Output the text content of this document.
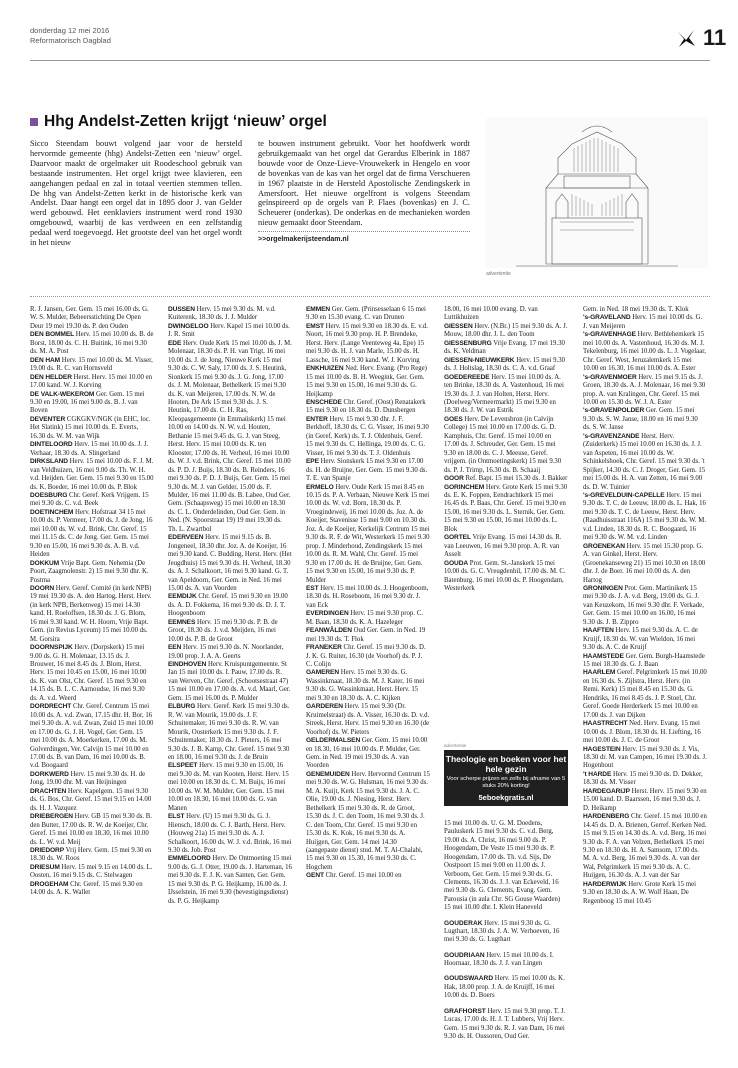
donderdag 12 mei 2016
Reformatorisch Dagblad	11
Hhg Andelst-Zetten krijgt ‘nieuw’ orgel
Sicco Steendam bouwt volgend jaar voor de hersteld hervormde gemeente (hhg) Andelst-Zetten een ‘nieuw’ orgel. Daarvoor maakt de orgelmaker uit Roodeschool gebruik van bestaande instrumenten. Het orgel krijgt twee klavieren, een aangehangen pedaal en zal in totaal veertien stemmen tellen. De hhg van Andelst-Zetten kerkt in de historische kerk van Andelst. Daar hangt een orgel dat in 1895 door J. van Gelder werd gebouwd. Het eenklaviers instrument werd rond 1930 omgebouwd, waarbij de kas verdween en een zelfstandig pedaal werd toegevoegd. Het grootste deel van het orgel wordt in het nieuw
te bouwen instrument gebruikt. Voor het hoofdwerk wordt gebruikgemaakt van het orgel dat Gerardus Elberink in 1887 bouwde voor de Onze-Lieve-Vrouwekerk in Hengelo en voor de bovenkas van de kas van het orgel dat de firma Verschueren in 1967 plaatste in de Hersteld Apostolische Zendingskerk in Amersfoort. Het nieuwe orgelfront is volgens Steendam geïnspireerd op de orgels van P. Flaes (bovenkas) en J. C. Scheuerer (onderkas). De onderkas en de mechanieken worden nieuw gemaakt door Steendam.
>>orgelmakerijsteendam.nl
advertentie

R. J. Jansen, Ger. Gem. 15 mei 16.00 ds. G. W. S. Mulder, Beheersstichting De Open Deur 19 mei 19.30 ds. P. den Ouden

DEN BOMMEL Herv. 15 mei 10.00 ds. B. de Borst, 18.00 ds. C. H. Buitink, 16 mei 9.30 ds. M. A. Post

DEN HAM Herv. 15 mei 10.00 ds. M. Visser, 19.00 ds. R. C. van Hornsveld

DEN HELDER Herst. Herv. 15 mei 10.00 en 17.00 kand. W. J. Korving

DE VALK-WEKEROM Ger. Gem. 15 mei 9.30 en 19.00, 16 mei 9.00 ds. B. J. van Boven

DEVENTER CGKGKV/NGK (in EHC, loc. Het Slatink) 15 mei 10.00 ds. E. Everts, 16.30 ds. W. M. van Wijk

DINTELOORD Herv. 15 mei 10.00 ds. J. J. Verhaar, 18.30 ds. A. Slingerland

DIRKSLAND Herv. 15 mei 10.00 ds. F. J. M. van Veldhuizen, 16 mei 9.00 ds. Th. W. H. v.d. Heijden. Ger. Gem. 15 mei 9.30 en 15.00 ds. K. Boeder, 16 mei 10.00 ds. P. Blok

DOESBURG Chr. Geref. Kerk Vrijgem. 15 mei 9.30 ds. C. v.d. Beek

DOETINCHEM Herv. Hofstraat 34 15 mei 10.00 ds. P. Vermeer, 17.00 ds. J. de Jong, 16 mei 10.00 ds. W. v.d. Brink, Chr. Geref. 15 mei 11.15 ds. C. de Jong. Ger. Gem. 15 mei 9.30 en 15.00, 16 mei 9.30 ds. A. B. v.d. Heiden

DOKKUM Vrije Bapt. Gem. Nehemia (De Poort, Zaagmolenstr. 2) 15 mei 9.30 dhr. K. Postma

DOORN Herv. Geref. Comité (in kerk NPB) 19 mei 19.30 ds. A. den Hartog, Herst. Herv. (in kerk NPB, Berkenweg) 15 mei 14.30 kand. H. Roeloffsen, 18.30 ds. J. G. Blom, 16 mei 9.30 kand. W. H. Hoorn, Vrije Bapt. Gem. (in Revius Lyceum) 15 mei 10.00 ds. M. Gorsira

DOORNSPIJK Herv. (Dorpskerk) 15 mei 9.00 ds. G. H. Molenaar, 13.15 ds. J. Brouwer, 16 mei 8.45 ds. J. Blom, Herst. Herv. 15 mei 10.45 en 15.00, 16 mei 10.00 ds. K. van Olst, Chr. Geref. 15 mei 9.30 en 14.15 ds. B. L. C. Aarnoudse, 16 mei 9.30 ds. A. v.d. Weerd

DORDRECHT Chr. Geref. Centrum 15 mei 10.00 ds. A. v.d. Zwan, 17.15 dhr. H. Bor, 16 mei 9.30 ds. A. v.d. Zwan, Zuid 15 mei 10.00 en 17.00 ds. G. J. H. Vogel, Ger. Gem. 15 mei 10.00 ds. A. Moerkerken, 17.00 ds. M. Golverdingen, Ver. Calvijn 15 mei 10.00 en 17.00 ds. B. van Dam, 16 mei 10.00 ds. B. v.d. Boogaard

DORKWERD Herv. 15 mei 9.30 ds. H. de Jong, 19.00 dhr. M. van Heijningen

DRACHTEN Herv. Kapelgem. 15 mei 9.30 ds. G. Bos, Chr. Geref. 15 mei 9.15 en 14.00 ds. H. J. Vazquez

DRIEBERGEN Herv. GB 15 mei 9.30 ds. B. den Butter, 17.00 ds. R. W. de Koeijer, Chr. Geref. 15 mei 10.00 en 18.30, 16 mei 10.00 ds. L. W. v.d. Meij

DRIEDORP Vrij Herv. Gem. 15 mei 9.30 en 18.30 ds. W. Roos

DRIESUM Herv. 15 mei 9.15 en 14.00 ds. L. Oosten, 16 mei 9.15 ds. C. Stelwagen

DROGEHAM Chr. Geref. 15 mei 9.30 en 14.00 ds. A. K. Wallet

DUSSEN Herv. 15 mei 9.30 ds. M. v.d. Kuiterenk, 18.30 ds. J. J. Mulder

DWINGELOO Herv. Kapel 15 mei 10.00 ds. J. R. Smit

EDE Herv. Oude Kerk 15 mei 10.00 ds. J. M. Molenaar, 18.30 ds. P. H. van Trigt, 16 mei 10.00 ds. J. de Jong, Nieuwe Kerk 15 mei 9.30 ds. C. W. Saly, 17.00 ds. J. S. Heutink, Sionkerk 15 mei 9.30 ds. J. G. Jong, 17.00 ds. J. M. Molenaar, Bethelkerk 15 mei 9.30 ds. K. van Meijeren, 17.00 ds. N. W. de Hooten, De Ark 15 mei 9.30 ds. J. S. Heutink, 17.00 ds. C. H. Ras, Kleopasgemeente (in Emmaüskerk) 15 mei 10.00 en 14.00 ds. N. W. v.d. Houten, Bethanie 15 mei 9.45 ds. G. J. van Steeg, Herst. Herv. 15 mei 10.00 ds. K. ten Klooster, 17.00 ds. H. Verheul, 16 mei 10.00 ds. W. J. v.d. Brink, Chr. Geref. 15 mei 10.00 ds. P. D. J. Buijs, 18.30 ds. B. Reinders, 16 mei 9.30 ds. P. D. J. Buijs, Ger. Gem. 15 mei 9.30 ds. M. J. van Gelder, 15.00 ds. F. Mulder, 16 mei 11.00 ds. B. Labee, Oud Ger. Gem. (Schaapsweg) 15 mei 10.00 en 18.30 ds. C. L. Onderdelinden, Oud Ger. Gem. in Ned. (N. Spoorstraat 19) 19 mei 19.30 ds. Th. L. Zwartbol

EDERVEEN Herv. 15 mei 9.15 ds. B. Jongeneel, 18.30 dhr. Joz. A. de Koeijer, 16 mei 9.30 kand. C. Budding, Herst. Herv. (Het Jeugdhuis) 15 mei 9.30 ds. H. Verheul, 18.30 ds. A. J. Schalkoort, 16 mei 9.30 kand. G. T. van Apeldoorn, Ger. Gem. in Ned. 16 mei 15.00 ds. A. van Voorden

EEMDIJK Chr. Geref. 15 mei 9.30 en 19.00 ds. A. D. Fokkema, 16 mei 9.30 ds. D. J. T. Hoogenboom

EEMNES Herv. 15 mei 9.30 ds. P. B. de Groot, 18.30 ds. J. v.d. Meijden, 16 mei 10.00 ds. P. B. de Groot

EEN Herv. 15 mei 9.30 ds. N. Noorlander, 19.00 prop. J. A. A. Geerts

EINDHOVEN Herv. Kruispuntgemeente. St Jan 15 mei 10.00 ds. I. Pauw, 17.00 ds. R. van Werven, Chr. Geref. (Schootsestraat 47) 15 mei 10.00 en 17.00 ds. A. v.d. Maarl, Ger. Gem. 15 mei 16.00 ds. P. Mulder

ELBURG Herv. Geref. Kerk 15 mei 9.30 ds. R. W. van Mourik, 19.00 ds. J. F. Schuitemaker, 16 mei 9.30 ds. R. W. van Mourik, Oosterkerk 15 mei 9.30 ds. J. F. Schuitemaker, 18.30 ds. J. Pieters, 16 mei 9.30 ds. J. B. Kamp, Chr. Geref. 15 mei 9.30 en 18.00, 16 mei 9.30 ds. J. de Bruin

ELSPEET Herv. 15 mei 9.30 en 15.00, 16 mei 9.30 ds. M. van Kooten, Herst. Herv. 15 mei 10.00 en 18.30 ds. C. M. Buijs, 16 mei 10.00 ds. W. M. Mulder, Ger. Gem. 15 mei 10.00 en 18.30, 16 mei 10.00 ds. G. van Manen

ELST Herv. (U) 15 mei 9.30 ds. G. J. Hiensch, 18.00 ds. C. J. Barth, Herst. Herv. (Houweg 21a) 15 mei 9.30 ds. A. J. Schalkoort, 16.00 ds. W. J. v.d. Brink, 16 mei 9.30 ds. Job. Post

EMMELOORD Herv. De Ontmoeting 15 mei 9.00 ds. G. J. Otter, 19.00 ds. J. Harteman, 16 mei 9.30 ds. F. J. K. van Santen, Ger. Gem. 15 mei 9.30 ds. P. G. Heijkamp, 16.00 ds. J. IJsselstein, 16 mei 9.30 (bevestigingsdienst) ds. P. G. Heijkamp

EMMEN Ger. Gem. (Prinsesselaan 6 15 mei 9.30 en 15.30 evang. C. van Drunen

EMST Herv. 15 mei 9.30 en 18.30 ds. E. v.d. Noort, 16 mei 9.30 prop. H. P. Brendeke, Herst. Herv. (Lange Veenteweg 4a, Epe) 15 mei 9.30 ds. H. J. van Marle, 15.00 ds. H. Lassche, 16 mei 9.30 kand. W. J. Korving

ENKHUIZEN Ned. Herv. Evang. (Pro Rege) 15 mei 10.00 ds. B. H. Weegink, Ger. Gem. 15 mei 9.30 en 15.00, 16 mei 9.30 ds. G. Heijkamp

ENSCHEDE Chr. Geref. (Oost) Renatakerk 15 mei 9.30 en 18.30 ds. D. Dunsbergen

ENTER Herv. 15 mei 9.30 dhr. J. F. Berkhoff, 18.30 ds. C. G. Visser, 16 mei 9.30 (in Geref. Kerk) ds. T. J. Oldenhuis, Geref. 15 mei 9.30 ds. C. Hellinga, 19.00 ds. C. G. Visser, 16 mei 9.30 ds. T. J. Oldenhuis

EPE Herv. Sionskerk 15 mei 9.30 en 17.00 ds. H. de Bruijne, Ger. Gem. 15 mei 9.30 ds. T. E. van Spanje

ERMELO Herv. Oude Kerk 15 mei 8.45 en 10.15 ds. P. A. Verbaan, Nieuwe Kerk 15 mei 10.00 ds. W. v.d. Born, 18.30 ds. P. Vroegindeweij, 16 mei 10.00 ds. Joz. A. de Koeijer, Stavenisse 15 mei 9.00 en 10.30 ds. Joz. A. de Koeijer, Kerkelijk Centrum 15 mei 9.30 ds. R. F. de Wit, Westerkerk 15 mei 9.30 prop. J. Minderhoud, Zendingskerk 15 mei 10.00 ds. R. M. Wahl, Chr. Geref. 15 mei 9.30 en 17.00 ds. H. de Bruijne, Ger. Gem. 15 mei 9.30 en 15.00, 16 mei 9.30 ds. P. Mulder

EST Herv. 15 mei 10.00 ds. J. Hoogenboom, 18.30 ds. H. Roseboom, 16 mei 9.30 dr. J. van Eck

EVERDINGEN Herv. 15 mei 9.30 prop. C. M. Baan, 18.30 ds. K. A. Hazeleger

FEANWÂLDEN Oud Ger. Gem. in Ned. 19 mei 19.30 ds. T. Flok

FRANEKER Chr. Geref. 15 mei 9.30 ds. D. J. K. G. Ruiter, 16.30 (de Voorhof) ds. P. J. C. Colijn

GAMEREN Herv. 15 mei 9.30 ds. G. Wassinkmaat, 18.30 ds. M. J. Kater, 16 mei 9.30 ds. G. Wassinkmaat, Herst. Herv. 15 mei 9.30 en 18.30 ds. A. C. Kijken

GARDEREN Herv. 15 mei 9.30 (Dr. Kruimelstraat) ds. A. Visser, 16.30 ds. D. v.d. Streek, Herst. Herv. 15 mei 9.30 en 16.30 (de Voorhof) ds. W. Pieters

GELDERMALSEN Ger. Gem. 15 mei 10.00 en 18.30, 16 mei 10.00 ds. P. Mulder, Ger. Gem. in Ned. 19 mei 19.30 ds. A. van Voorden

GENEMUIDEN Herv. Hervormd Centrum 15 mei 9.30 ds. W. G. Hulsman, 16 mei 9.30 ds. M. A. Kuijt, Kerk 15 mei 9.30 ds. J. A. C. Olie, 19.00 ds. J. Niesing, Herst. Herv. Bethelkerk 15 mei 9.30 ds. R. de Groot, 15.30 ds. J. C. den Toom, 16 mei 9.30 ds. J. C. den Toom, Chr. Geref. 15 mei 9.30 en 15.30 ds. K. Kok, 16 mei 9.30 ds. A. Huijgen, Ger. Gem. 14 mei 14.30 (aangepaste dienst) stud. M. T. Al-Chalabi, 15 mei 9.30 en 15.30, 16 mei 9.30 ds. C. Hogchem

GENT Chr. Geref. 15 mei 10.00 en

18.00, 16 mei 10.00 evang. D. van Luttikhuizen

GIESSEN Herv. (N.Br.) 15 mei 9.30 ds. A. J. Mouw, 18.00 dhr. J. L. den Toom

GIESSENBURG Vrije Evang. 17 mei 19.30 ds. K. Veldman

GIESSEN-NIEUWKERK Herv. 15 mei 9.30 ds. J. Holtslag, 18.30 ds. C. A. v.d. Graaf

GOEDEREEDE Herv. 15 mei 10.00 ds. A. ten Brinke, 18.30 ds. A. Vastenhoud, 16 mei 19.30 ds. J. J. van Holten, Herst. Herv. (Doelweg/Vermeermarkt) 15 mei 9.30 en 18.30 ds. J. W. van Estrik

GOES Herv. De Levensbron (in Calvijn College) 15 mei 10.00 en 17.00 ds. G. D. Kamphuis, Chr. Geref. 15 mei 10.00 en 17.00 ds. J. Schreuder, Ger. Gem. 15 mei 9.30 en 18.00 ds. C. J. Meeuse, Geref. vrijgem. (in Ontmoetingskerk) 15 mei 9.30 ds. P. J. Trimp, 16.30 ds. B. Schaaij

GOOR Ref. Bapt. 15 mei 15.30 ds. J. Bakker

GORINCHEM Herv. Grote Kerk 15 mei 9.30 ds. E. K. Foppen, Eendrachtkerk 15 mei 16.45 ds. P. Baas, Chr. Geref. 15 mei 9.30 en 15.00, 16 mei 9.30 ds. L. Sternik, Ger. Gem. 15 mei 9.30 en 15.00, 16 mei 10.00 ds. L. Blok

GORTEL Vrije Evang. 15 mei 14.30 ds. R. van Leeuwen, 16 mei 9.30 prop. A. R. van Asselt

GOUDA Prot. Gem. St.-Janskerk 15 mei 10.00 ds. G. C. Vreugdenhil, 17.00 ds. M. C. Batenburg, 16 mei 10.00 ds. P. Hoogendam, Westerkerk

advertentie
Theologie en boeken voor het hele gezin
Voor scherpe prijzen en zelfs bij afname van 5 stuks 20% korting!
5eboekgratis.nl

15 mei 10.00 ds. U. G. M. Doedens, Pauluskerk 15 mei 9.30 ds. C. v.d. Berg, 19.00 ds. A. Christ, 16 mei 9.00 ds. P. Hoogendam, De Veste 15 mei 9.30 ds. P. Hoogendam, 17.00 ds. Th. v.d. Sijs, De Oostpoort 15 mei 9.00 en 11.00 ds. J. Verboom, Ger. Gem. 15 mei 9.30 ds. G. Clements, 16.30 ds. J. J. van Eckeveld, 16 mei 9.30 ds. G. Clements, Evang. Gem. Parousia (in aula Chr. SG Gouse Waarden) 15 mei 10.00 dhr. I. Klein Haneveld

GOUDERAK Herv. 15 mei 9.30 ds. G. Lugthart, 18.30 ds. J. A. W. Verhoeven, 16 mei 9.30 ds. G. Lugthart

GOUDRIAAN Herv. 15 mei 10.00 ds. I. Hoornaar, 18.30 ds. J. J. van Lingen

GOUDSWAARD Herv. 15 mei 10.00 ds. K. Hak, 18.00 prop. J. A. de Kruijff, 16 mei 10.00 ds. D. Boers

GRAFHORST Herv. 15 mei 9.30 prop. T. J. Lucas, 17.00 ds. H. J. T. Lubbers, Vrij Herv. Gem. 15 mei 9.30 ds. R. J. van Dam, 16 mei 9.30 ds. H. Oussoren, Oud Ger.

Gem. in Ned. 18 mei 19.30 ds. T. Klok

's-GRAVELAND Herv. 15 mei 10.00 ds. G. J. van Meijeren

's-GRAVENHAGE Herv. Bethlehemkerk 15 mei 10.00 ds. A. Vastenhoud, 16.30 ds. M. J. Tekelenburg, 16 mei 10.00 ds. L. J. Vogelaar, Chr. Geref. West, Jeruzalemkerk 15 mei 10.00 en 16.30, 16 mei 10.00 ds. A. Ester

's-GRAVENMOER Herv. 15 mei 9.15 ds. J. Groen, 18.30 ds. A. J. Molenaar, 16 mei 9.30 prop. A. van Kralingen, Chr. Geref. 15 mei 10.00 en 15.30 ds. W. J. A. Ester

's-GRAVENPOLDER Ger. Gem. 15 mei 9.30 ds. S. W. Janse, 18.00 en 16 mei 9.30 ds. S. W. Janse

's-GRAVENZANDE Herst. Herv. (Zuiderkerk) 15 mei 10.00 en 16.30 ds. J. J. van Aspeten, 16 mei 10.00 ds. W. Schinkelshoek, Chr. Geref. 15 mei 9.30 ds. 't Spijker, 14.30 ds. C. J. Droger, Ger. Gem. 15 mei 15.00 ds. H. A. van Zetten, 16 mei 9.00 ds. D. W. Tuinier

's-GREVELDUIN-CAPELLE Herv. 15 mei 9.30 ds. T. C. de Leeuw, 18.00 ds. L. Hak, 16 mei 9.30 ds. T. C. de Leeuw, Herst. Herv. (Raadhuisstraat 116A) 15 mei 9.30 ds. W. M. v.d. Linden, 18.30 ds. R. C. Boogaard, 16 mei 9.30 ds. W. M. v.d. Linden

GROENEKAN Herv. 15 mei 15.30 prop. G. A. van Ginkel, Herst. Herv. (Groenekanseweg 21) 15 mei 10.30 en 18.00 dhr. J. de Boer. 16 mei 10.00 ds. A. den Hartog

GRONINGEN Prot. Gem. Martinikerk 15 mei 9.30 ds. J. A. v.d. Berg, 19.00 ds. G. J. van Keuzekom, 16 mei 9.30 dhr. F. Verkade, Ger. Gem. 15 mei 10.00 en 16.00, 16 mei 9.30 ds. J. B. Zippro

HAAFTEN Herv. 15 mei 9.30 ds. A. C. de Kruijf, 18.30 ds. W. van Wieldon, 16 mei 9.30 ds. A. C. de Kruijf

HAAMSTEDE Ger. Gem. Burgh-Haamstede 15 mei 18.30 ds. G. J. Baan

HAARLEM Geref. Pelgrimkerk 15 mei 10.00 en 16.30 ds. S. Zijlstra, Herst. Herv. (in Remi. Kerk) 15 mei 8.45 en 15.30 ds. G. Hendriks, 16 mei 8.45 ds. J. P. Stoel, Chr. Geref. Goede Herderkerk 15 mei 10.00 en 17.00 ds. J. van Dijken

HAASTRECHT Ned. Herv. Evang. 15 mei 10.00 ds. J. Blom, 18.30 ds. H. Liefting, 16 mei 10.00 ds. J. C. de Groot

HAGESTEIN Herv. 15 mei 9.30 ds. J. Vis, 18.30 dr. M. van Campen, 16 mei 19.30 ds. J. Hogenhout

't HARDE Herv. 15 mei 9.30 ds. D. Dekker, 18.30 ds. M. Visser

HARDEGARIJP Herst. Herv. 15 mei 9.30 en 15.00 kand. D. Baarssen, 16 mei 9.30 ds. J. D. Heikamp

HARDENBERG Chr. Geref. 15 mei 10.00 en 14.45 ds. D. A. Brienen, Gerref. Kerken Ned. 15 mei 9.15 en 14.30 ds. A. v.d. Berg, 16 mei 9.30 ds. F. A. van Velzen, Bethelkerk 15 mei 9.30 en 18.30 ds. H. A. Samsom, 17.00 ds. M. A. v.d. Berg, 16 mei 9.30 ds. A. van der Wal, Pelgrimkerk 15 mei 9.30 ds. A. C. Huijgen, 16.30 ds. A. J. van der Sar

HARDERWIJK Herv. Grote Kerk 15 mei 9.30 en 18.30 ds. A. W. Wolf Haan, De Regenboog 15 mei 10.45
